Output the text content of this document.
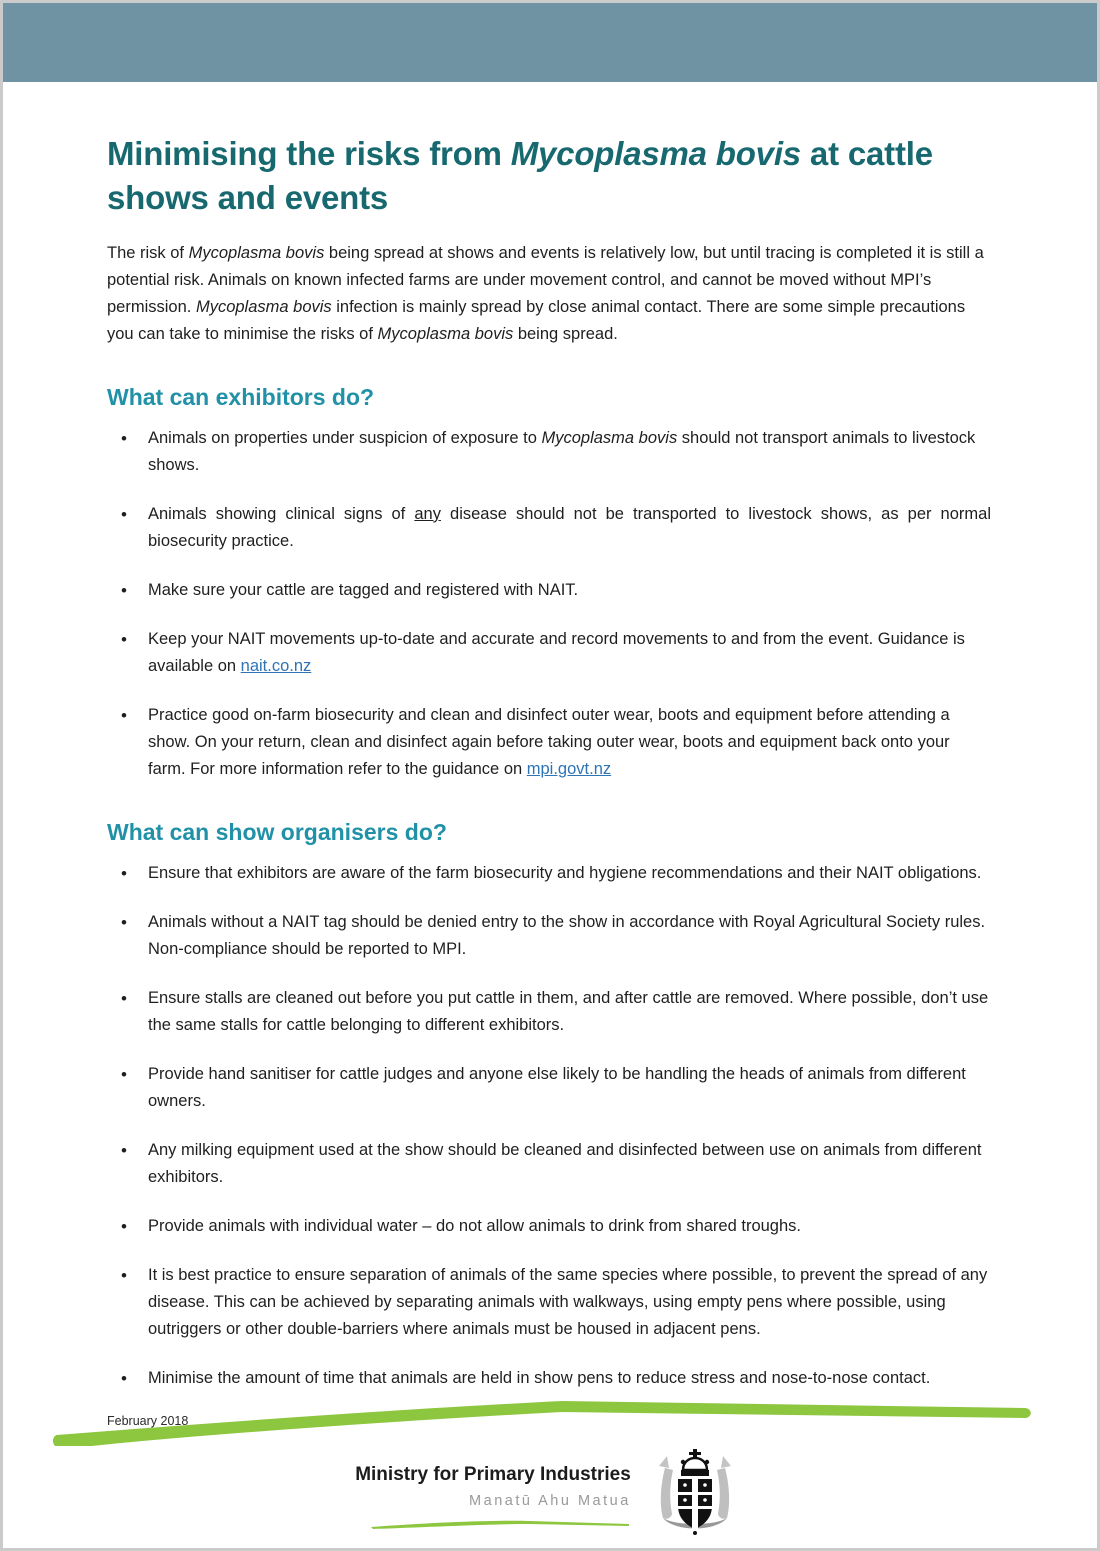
Minimising the risks from Mycoplasma bovis at cattle shows and events

The risk of Mycoplasma bovis being spread at shows and events is relatively low, but until tracing is completed it is still a potential risk. Animals on known infected farms are under movement control, and cannot be moved without MPI’s permission. Mycoplasma bovis infection is mainly spread by close animal contact. There are some simple precautions you can take to minimise the risks of Mycoplasma bovis being spread.

What can exhibitors do?
• Animals on properties under suspicion of exposure to Mycoplasma bovis should not transport animals to livestock shows.
• Animals showing clinical signs of any disease should not be transported to livestock shows, as per normal biosecurity practice.
• Make sure your cattle are tagged and registered with NAIT.
• Keep your NAIT movements up-to-date and accurate and record movements to and from the event. Guidance is available on nait.co.nz
• Practice good on-farm biosecurity and clean and disinfect outer wear, boots and equipment before attending a show. On your return, clean and disinfect again before taking outer wear, boots and equipment back onto your farm. For more information refer to the guidance on mpi.govt.nz
What can show organisers do?
• Ensure that exhibitors are aware of the farm biosecurity and hygiene recommendations and their NAIT obligations.
• Animals without a NAIT tag should be denied entry to the show in accordance with Royal Agricultural Society rules. Non-compliance should be reported to MPI.
• Ensure stalls are cleaned out before you put cattle in them, and after cattle are removed. Where possible, don’t use the same stalls for cattle belonging to different exhibitors.
• Provide hand sanitiser for cattle judges and anyone else likely to be handling the heads of animals from different owners.
• Any milking equipment used at the show should be cleaned and disinfected between use on animals from different exhibitors.
• Provide animals with individual water – do not allow animals to drink from shared troughs.
• It is best practice to ensure separation of animals of the same species where possible, to prevent the spread of any disease. This can be achieved by separating animals with walkways, using empty pens where possible, using outriggers or other double-barriers where animals must be housed in adjacent pens.
• Minimise the amount of time that animals are held in show pens to reduce stress and nose-to-nose contact.
February 2018
Ministry for Primary Industries
Manatū Ahu Matua
